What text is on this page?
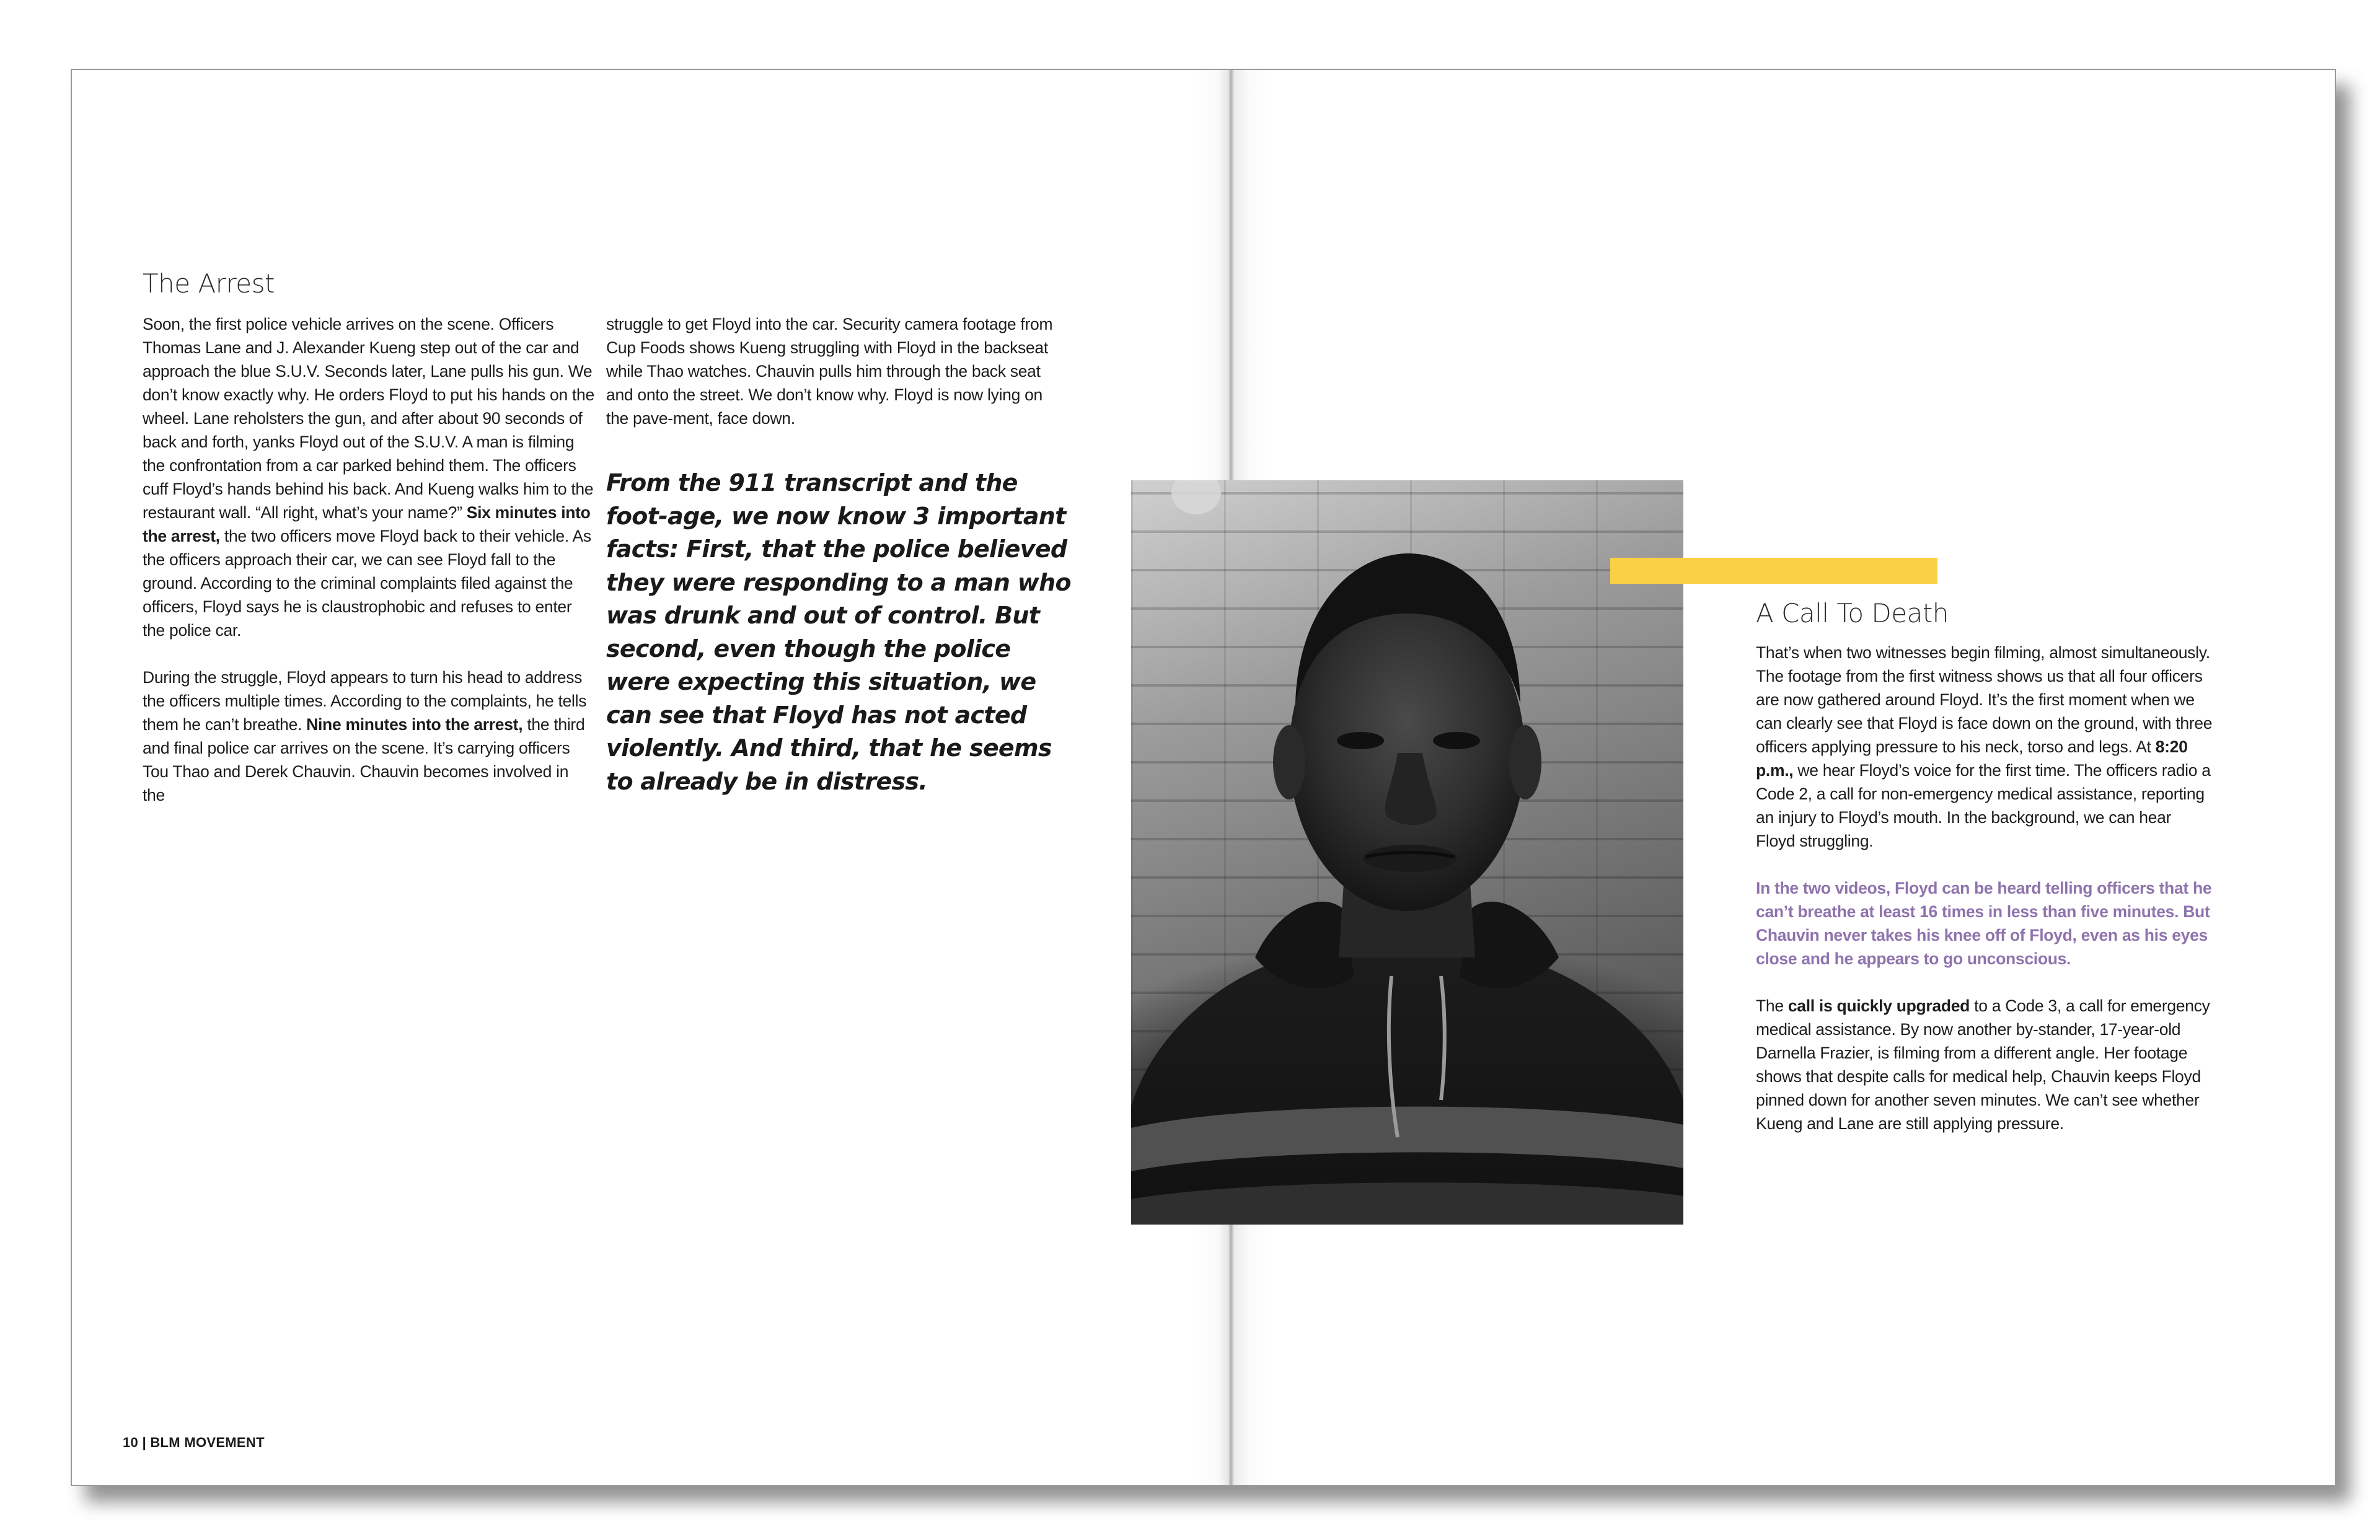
The Arrest

Soon, the first police vehicle arrives on the scene. Officers Thomas Lane and J. Alexander Kueng step out of the car and approach the blue S.U.V. Seconds later, Lane pulls his gun. We don’t know exactly why. He orders Floyd to put his hands on the wheel. Lane reholsters the gun, and after about 90 seconds of back and forth, yanks Floyd out of the S.U.V. A man is filming the confrontation from a car parked behind them. The officers cuff Floyd’s hands behind his back. And Kueng walks him to the restaurant wall. “All right, what’s your name?” Six minutes into the arrest, the two officers move Floyd back to their vehicle. As the officers approach their car, we can see Floyd fall to the ground. According to the criminal complaints filed against the officers, Floyd says he is claustrophobic and refuses to enter the police car.

During the struggle, Floyd appears to turn his head to address the officers multiple times. According to the complaints, he tells them he can’t breathe. Nine minutes into the arrest, the third and final police car arrives on the scene. It’s carrying officers Tou Thao and Derek Chauvin. Chauvin becomes involved in the

struggle to get Floyd into the car. Security camera footage from Cup Foods shows Kueng struggling with Floyd in the backseat while Thao watches. Chauvin pulls him through the back seat and onto the street. We don’t know why. Floyd is now lying on the pave-ment, face down.

From the 911 transcript and the foot-age, we now know 3 important facts: First, that the police believed they were responding to a man who was drunk and out of control. But second, even though the police were expecting this situation, we can see that Floyd has not acted violently. And third, that he seems to already be in distress.

10 | BLM MOVEMENT
A Call To Death

That’s when two witnesses begin filming, almost simultaneously. The footage from the first witness shows us that all four officers are now gathered around Floyd. It’s the first moment when we can clearly see that Floyd is face down on the ground, with three officers applying pressure to his neck, torso and legs. At 8:20 p.m., we hear Floyd’s voice for the first time. The officers radio a Code 2, a call for non-emergency medical assistance, reporting an injury to Floyd’s mouth. In the background, we can hear Floyd struggling.

In the two videos, Floyd can be heard telling officers that he can’t breathe at least 16 times in less than five minutes. But Chauvin never takes his knee off of Floyd, even as his eyes close and he appears to go unconscious.

The call is quickly upgraded to a Code 3, a call for emergency medical assistance. By now another by-stander, 17-year-old Darnella Frazier, is filming from a different angle. Her footage shows that despite calls for medical help, Chauvin keeps Floyd pinned down for another seven minutes. We can’t see whether Kueng and Lane are still applying pressure.
